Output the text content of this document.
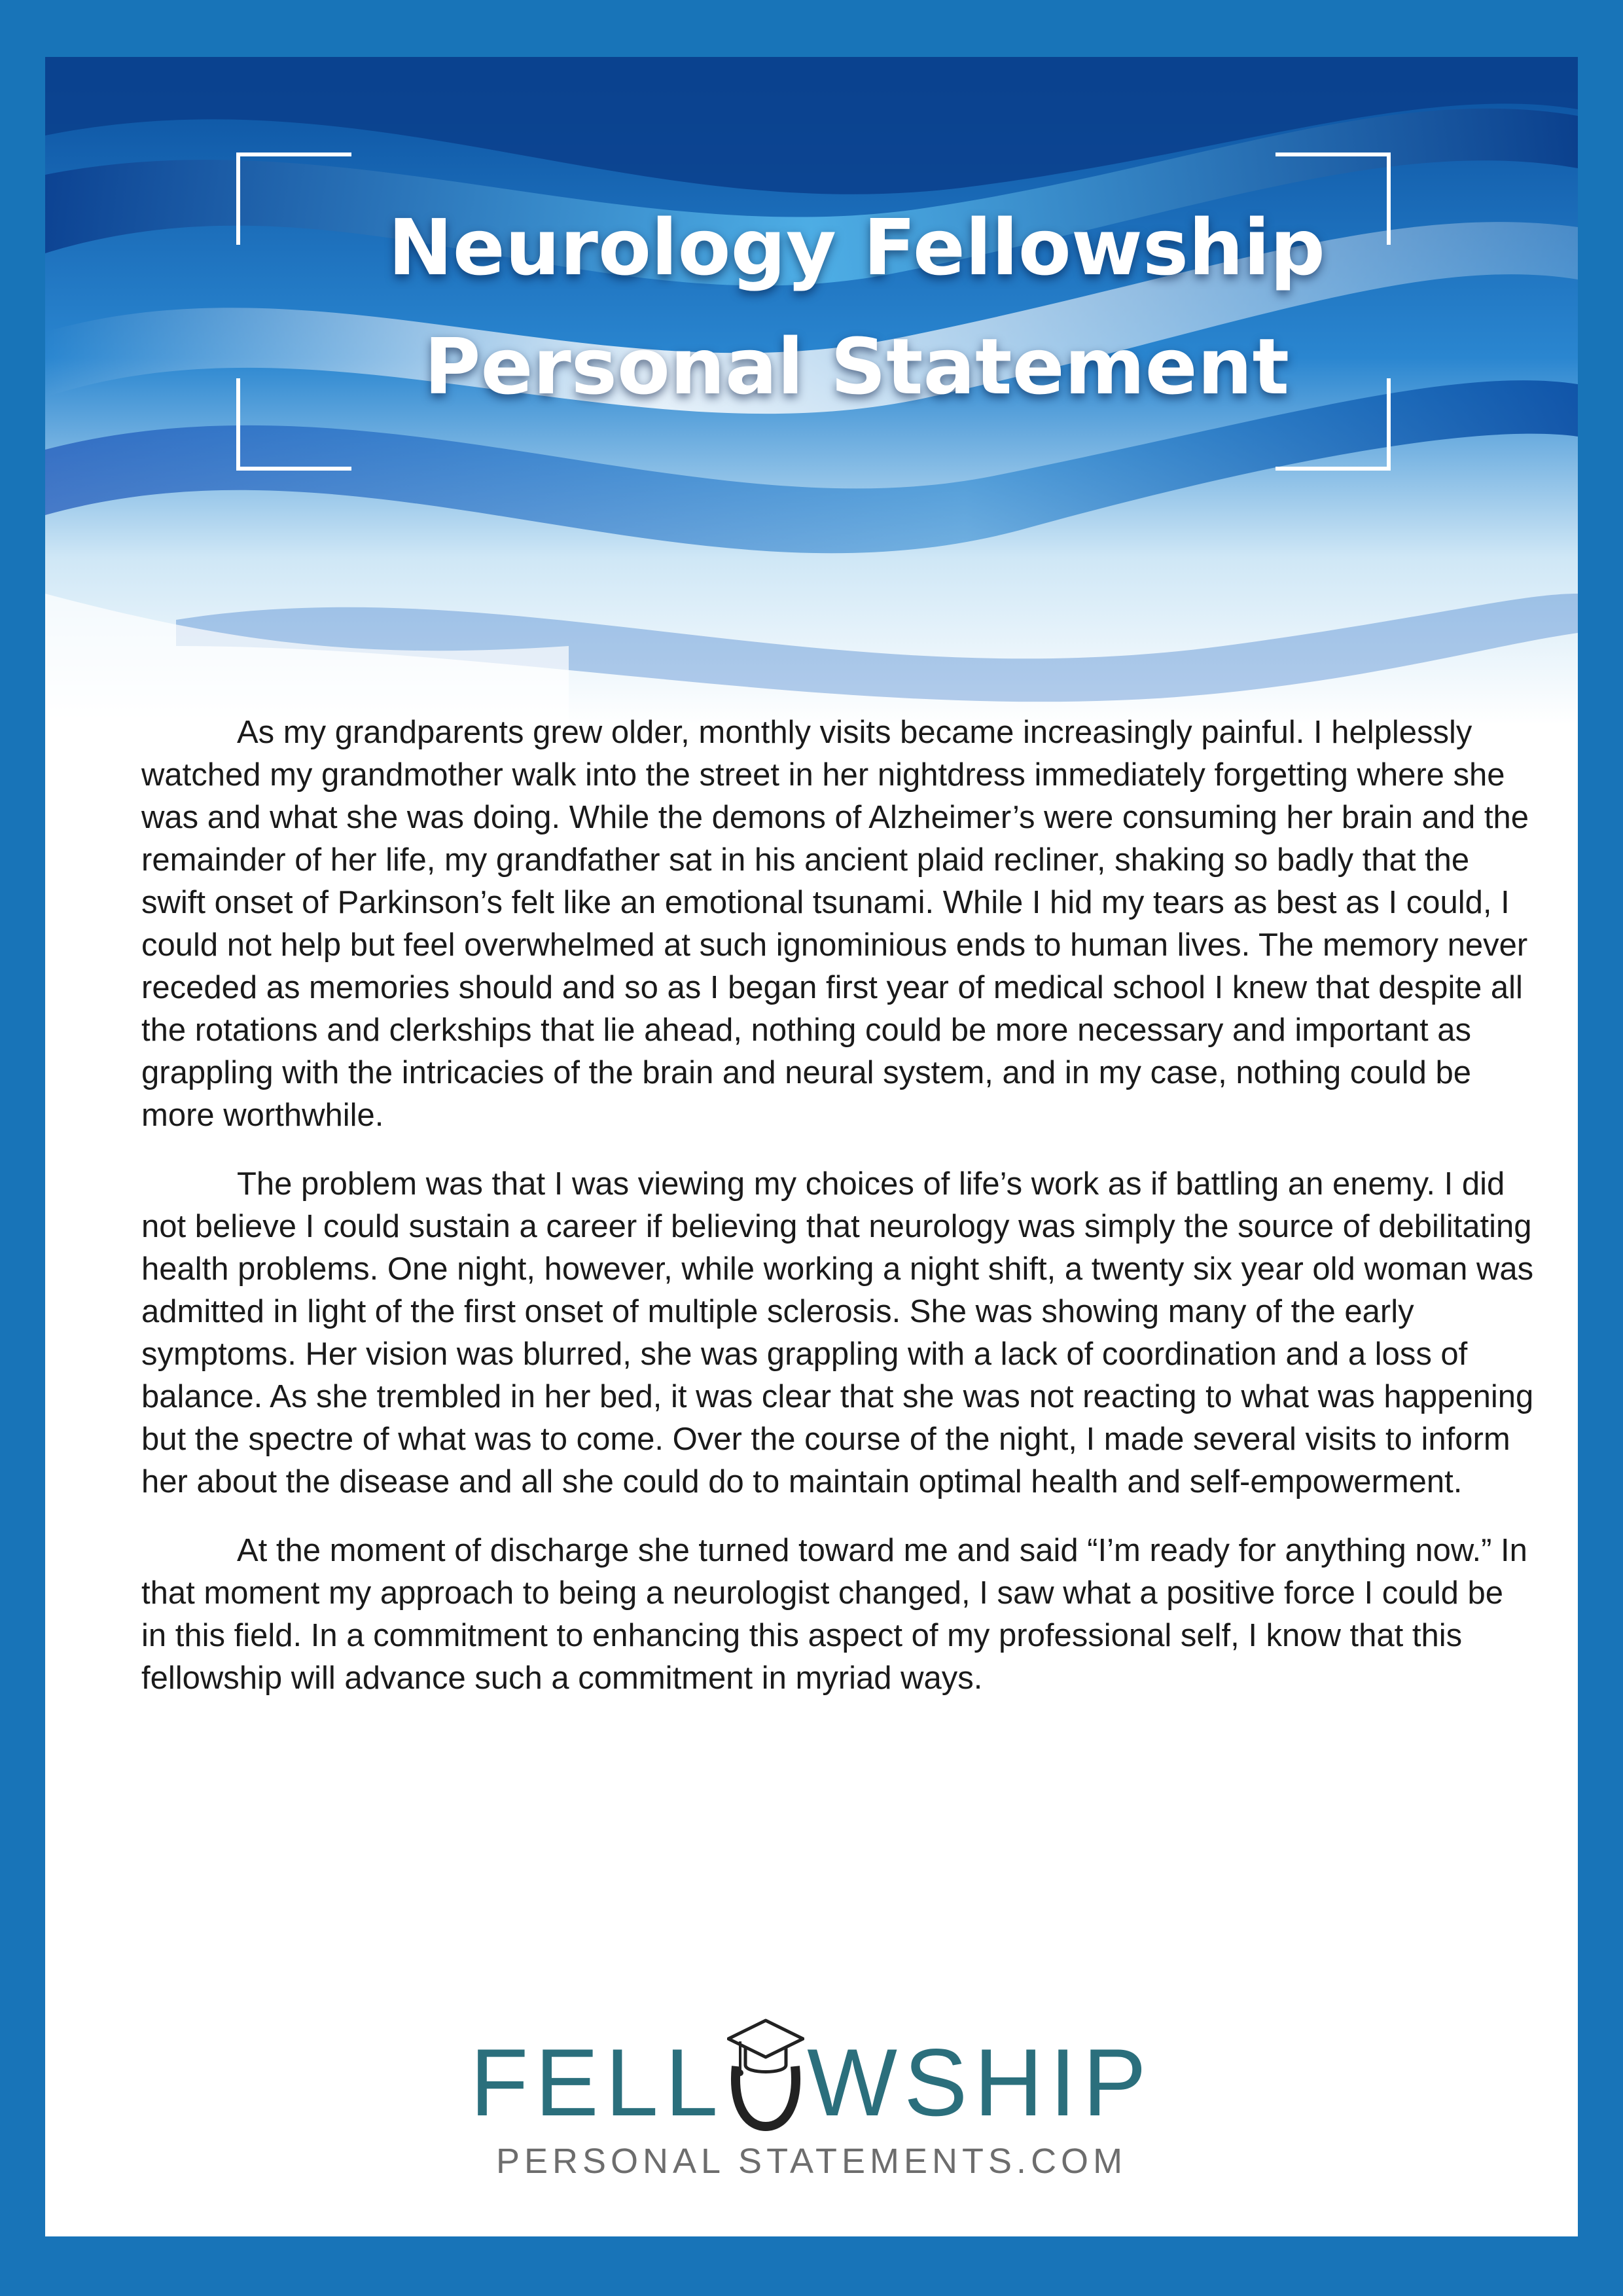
Neurology Fellowship
Personal Statement

As my grandparents grew older, monthly visits became increasingly painful. I helplessly watched my grandmother walk into the street in her nightdress immediately forgetting where she was and what she was doing. While the demons of Alzheimer’s were consuming her brain and the remainder of her life, my grandfather sat in his ancient plaid recliner, shaking so badly that the swift onset of Parkinson’s felt like an emotional tsunami. While I hid my tears as best as I could, I could not help but feel overwhelmed at such ignominious ends to human lives. The memory never receded as memories should and so as I began first year of medical school I knew that despite all the rotations and clerkships that lie ahead, nothing could be more necessary and important as grappling with the intricacies of the brain and neural system, and in my case, nothing could be more worthwhile.

The problem was that I was viewing my choices of life’s work as if battling an enemy. I did not believe I could sustain a career if believing that neurology was simply the source of debilitating health problems. One night, however, while working a night shift, a twenty six year old woman was admitted in light of the first onset of multiple sclerosis. She was showing many of the early symptoms. Her vision was blurred, she was grappling with a lack of coordination and a loss of balance. As she trembled in her bed, it was clear that she was not reacting to what was happening but the spectre of what was to come. Over the course of the night, I made several visits to inform her about the disease and all she could do to maintain optimal health and self-empowerment.

At the moment of discharge she turned toward me and said “I’m ready for anything now.” In that moment my approach to being a neurologist changed, I saw what a positive force I could be in this field. In a commitment to enhancing this aspect of my professional self, I know that this fellowship will advance such a commitment in myriad ways.

FELL WSHIP
PERSONAL STATEMENTS.COM
